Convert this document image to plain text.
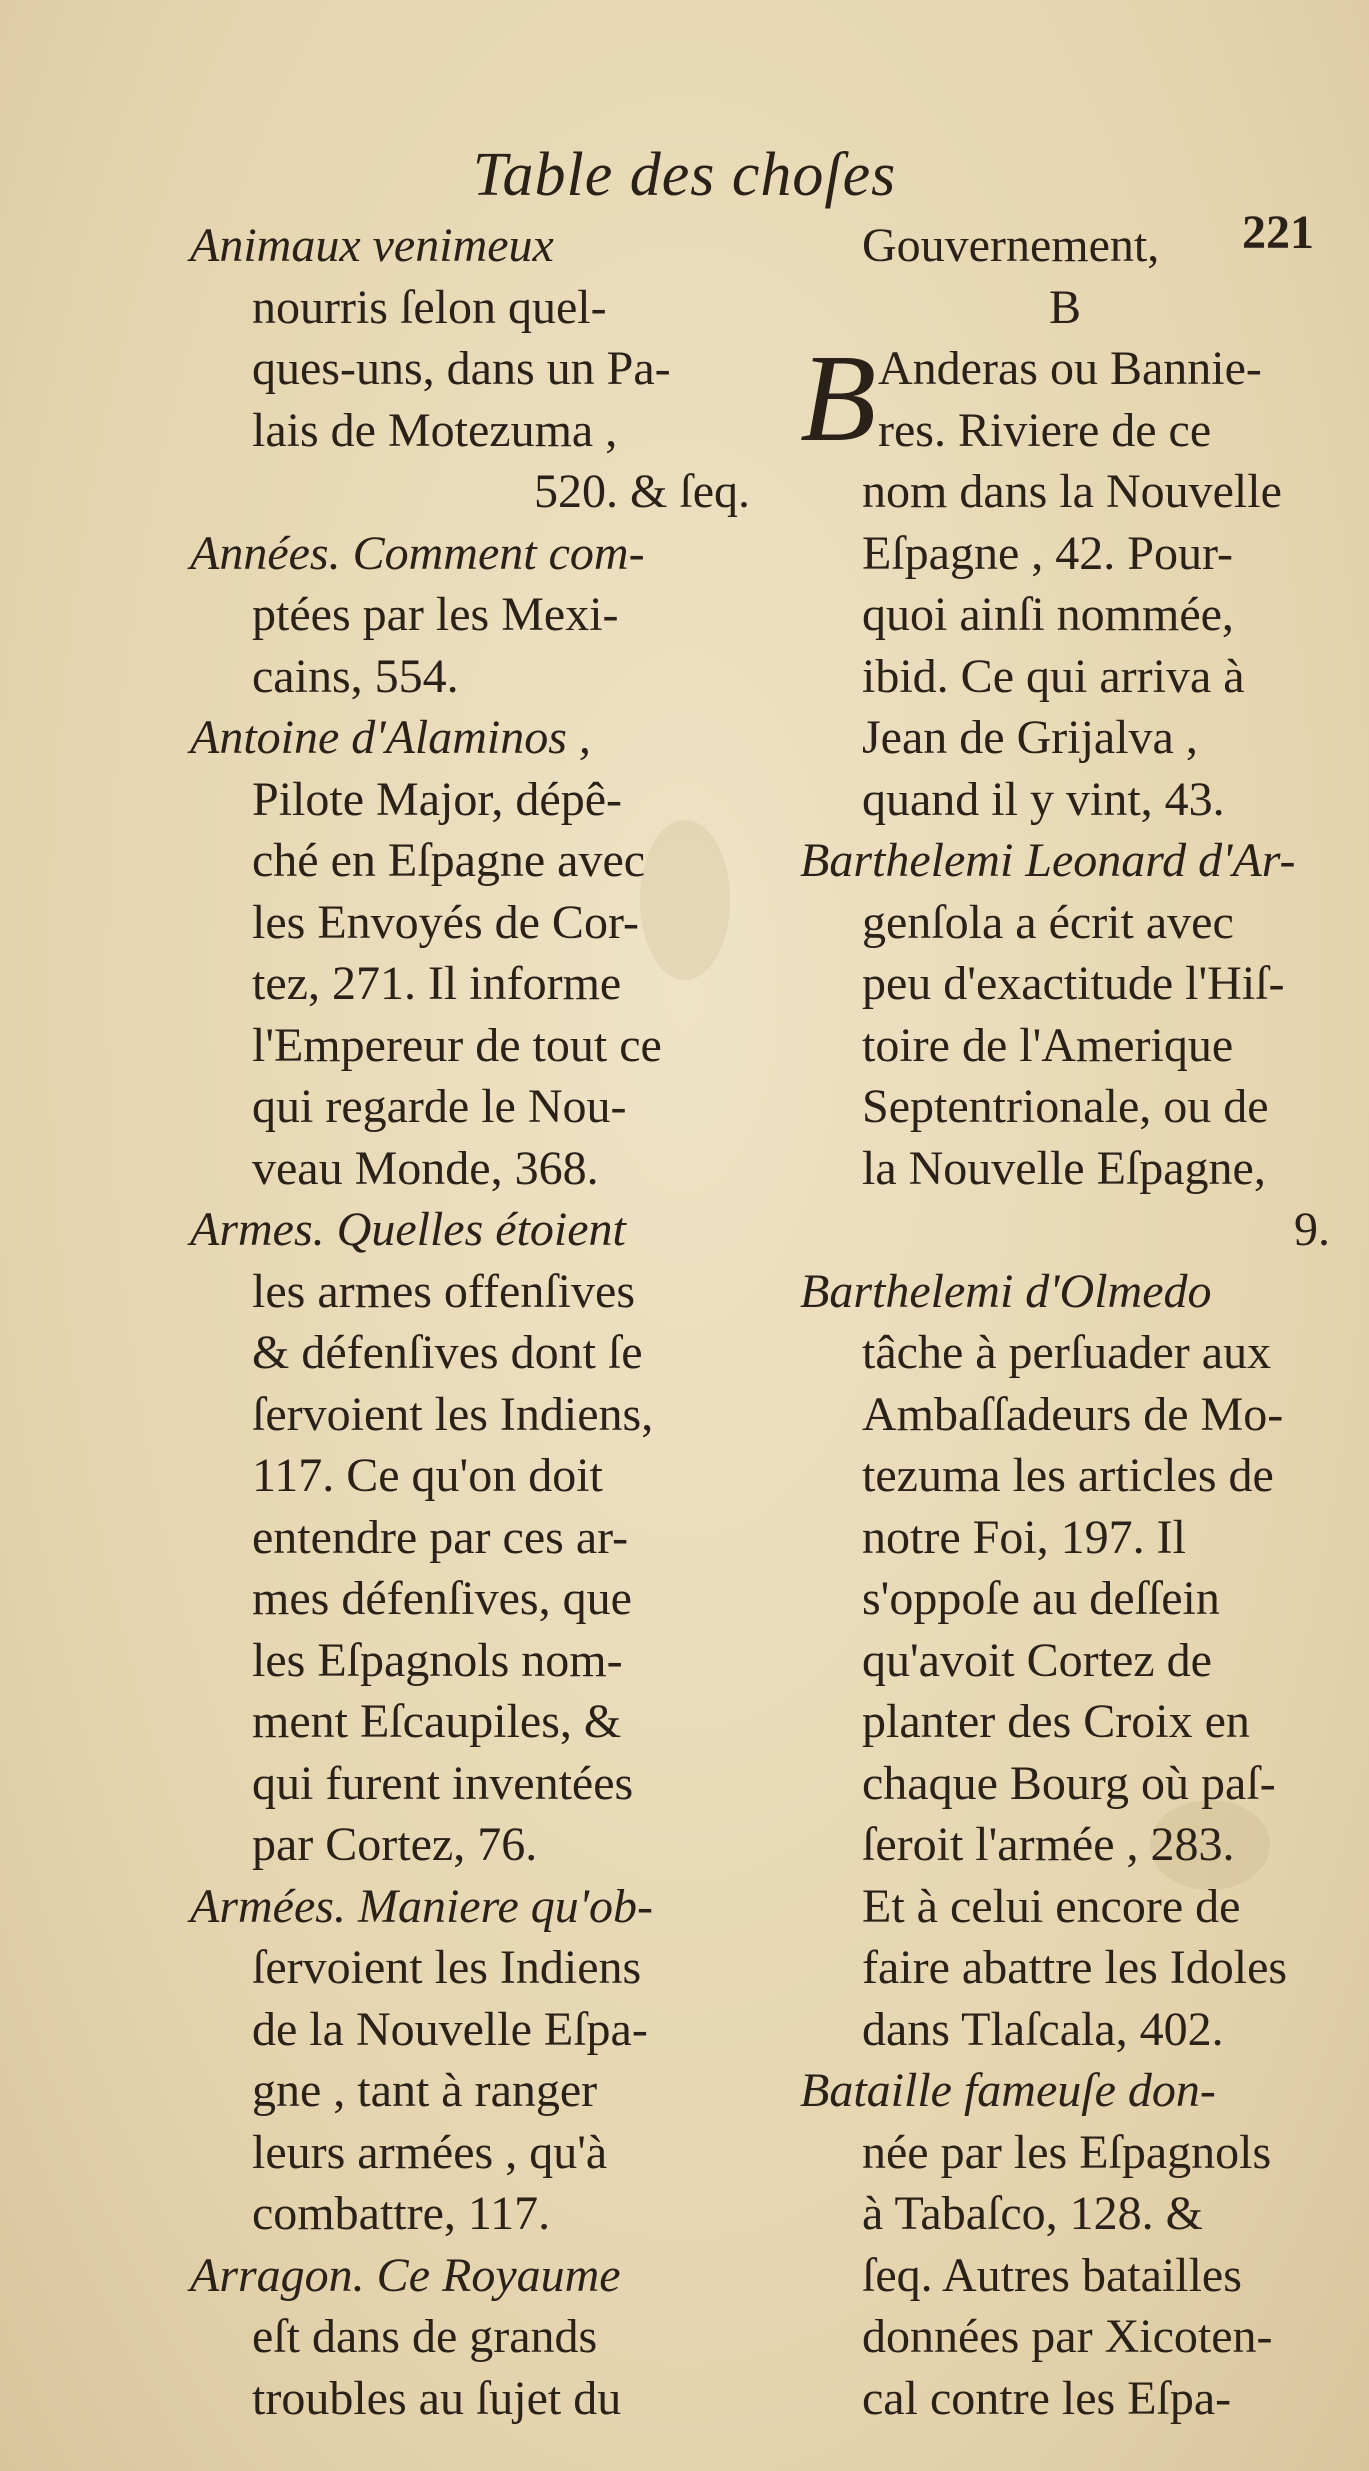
Table des choſes
221
Animaux venimeux
nourris ſelon quel-
ques-uns, dans un Pa-
lais de Motezuma ,
520. & ſeq.
Années. Comment com-
ptées par les Mexi-
cains, 554.
Antoine d'Alaminos ,
Pilote Major, dépê-
ché en Eſpagne avec
les Envoyés de Cor-
tez, 271. Il informe
l'Empereur de tout ce
qui regarde le Nou-
veau Monde, 368.
Armes. Quelles étoient
les armes offenſives
& défenſives dont ſe
ſervoient les Indiens,
117. Ce qu'on doit
entendre par ces ar-
mes défenſives, que
les Eſpagnols nom-
ment Eſcaupiles, &
qui furent inventées
par Cortez, 76.
Armées. Maniere qu'ob-
ſervoient les Indiens
de la Nouvelle Eſpa-
gne , tant à ranger
leurs armées , qu'à
combattre, 117.
Arragon. Ce Royaume
eſt dans de grands
troubles au ſujet du
Gouvernement,
B
B Anderas ou Bannie-
res. Riviere de ce
nom dans la Nouvelle
Eſpagne , 42. Pour-
quoi ainſi nommée,
ibid. Ce qui arriva à
Jean de Grijalva ,
quand il y vint, 43.
Barthelemi Leonard d'Ar-
genſola a écrit avec
peu d'exactitude l'Hiſ-
toire de l'Amerique
Septentrionale, ou de
la Nouvelle Eſpagne,
9.
Barthelemi d'Olmedo
tâche à perſuader aux
Ambaſſadeurs de Mo-
tezuma les articles de
notre Foi, 197. Il
s'oppoſe au deſſein
qu'avoit Cortez de
planter des Croix en
chaque Bourg où paſ-
ſeroit l'armée , 283.
Et à celui encore de
faire abattre les Idoles
dans Tlaſcala, 402.
Bataille fameuſe don-
née par les Eſpagnols
à Tabaſco, 128. &
ſeq. Autres batailles
données par Xicoten-
cal contre les Eſpa-
